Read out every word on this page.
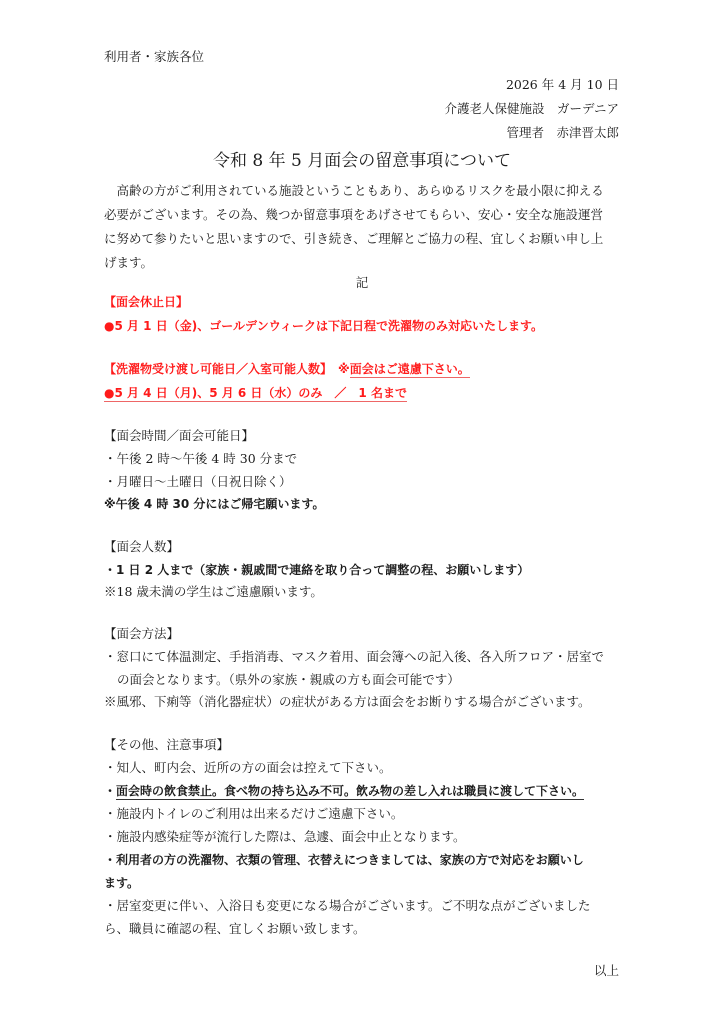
利用者・家族各位
2026 年 4 月 10 日
介護老人保健施設　ガーデニア
管理者　赤津晋太郎
令和 8 年 5 月面会の留意事項について
　高齢の方がご利用されている施設ということもあり、あらゆるリスクを最小限に抑える
必要がございます。その為、幾つか留意事項をあげさせてもらい、安心・安全な施設運営
に努めて参りたいと思いますので、引き続き、ご理解とご協力の程、宜しくお願い申し上
げます。
記
【面会休止日】
●5 月 1 日（金)、ゴールデンウィークは下記日程で洗濯物のみ対応いたします。
【洗濯物受け渡し可能日／入室可能人数】　※面会はご遠慮下さい。
●5 月 4 日（月)、5 月 6 日（水）のみ　／　1 名まで
【面会時間／面会可能日】
・午後 2 時～午後 4 時 30 分まで
・月曜日～土曜日（日祝日除く）
※午後 4 時 30 分にはご帰宅願います。
【面会人数】
・1 日 2 人まで（家族・親戚間で連絡を取り合って調整の程、お願いします）
※18 歳未満の学生はご遠慮願います。
【面会方法】
・窓口にて体温測定、手指消毒、マスク着用、面会簿への記入後、各入所フロア・居室で
の面会となります。（県外の家族・親戚の方も面会可能です）
※風邪、下痢等（消化器症状）の症状がある方は面会をお断りする場合がございます。
【その他、注意事項】
・知人、町内会、近所の方の面会は控えて下さい。
・面会時の飲食禁止。食べ物の持ち込み不可。飲み物の差し入れは職員に渡して下さい。
・施設内トイレのご利用は出来るだけご遠慮下さい。
・施設内感染症等が流行した際は、急遽、面会中止となります。
・利用者の方の洗濯物、衣類の管理、衣替えにつきましては、家族の方で対応をお願いし
ます。
・居室変更に伴い、入浴日も変更になる場合がございます。ご不明な点がございました
ら、職員に確認の程、宜しくお願い致します。
以上
